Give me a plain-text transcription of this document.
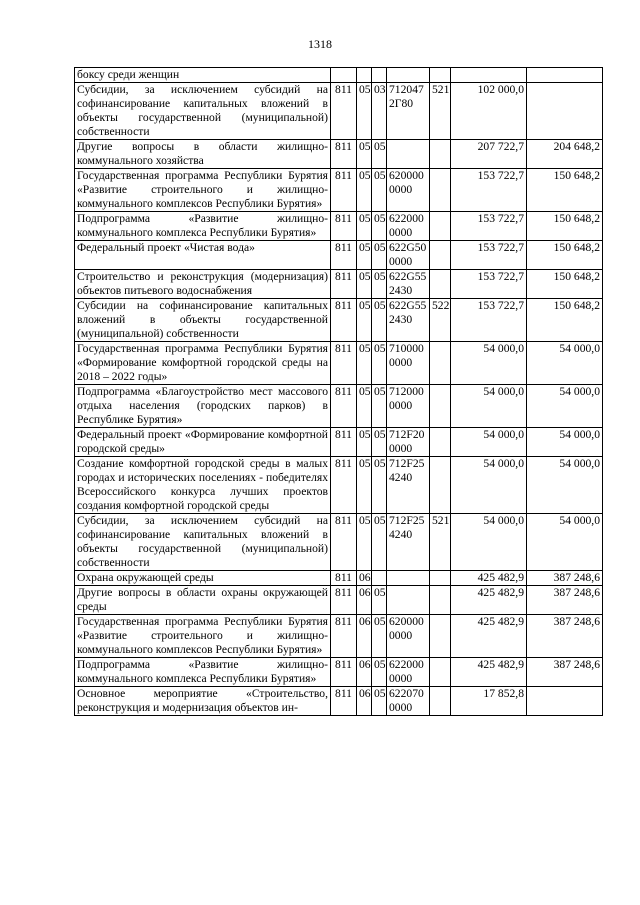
1318
боксу среди женщин							
Субсидии, за исключением субсидий на софинансирование капитальных вложений в объекты государственной (муниципальной) собственности	811	05	03	712047 2Г80	521	102 000,0	
Другие вопросы в области жилищно-коммунального хозяйства	811	05	05			207 722,7	204 648,2
Государственная программа Республики Бурятия «Развитие строительного и жилищно-коммунального комплексов Республики Бурятия»	811	05	05	620000 0000		153 722,7	150 648,2
Подпрограмма «Развитие жилищно-коммунального комплекса Республики Бурятия»	811	05	05	622000 0000		153 722,7	150 648,2
Федеральный проект «Чистая вода»	811	05	05	622G50 0000		153 722,7	150 648,2
Строительство и реконструкция (модернизация) объектов питьевого водоснабжения	811	05	05	622G55 2430		153 722,7	150 648,2
Субсидии на софинансирование капитальных вложений в объекты государственной (муниципальной) собственности	811	05	05	622G55 2430	522	153 722,7	150 648,2
Государственная программа Республики Бурятия «Формирование комфортной городской среды на 2018 – 2022 годы»	811	05	05	710000 0000		54 000,0	54 000,0
Подпрограмма «Благоустройство мест массового отдыха населения (городских парков) в Республике Бурятия»	811	05	05	712000 0000		54 000,0	54 000,0
Федеральный проект «Формирование комфортной городской среды»	811	05	05	712F20 0000		54 000,0	54 000,0
Создание комфортной городской среды в малых городах и исторических поселениях - победителях Всероссийского конкурса лучших проектов создания комфортной городской среды	811	05	05	712F25 4240		54 000,0	54 000,0
Субсидии, за исключением субсидий на софинансирование капитальных вложений в объекты государственной (муниципальной) собственности	811	05	05	712F25 4240	521	54 000,0	54 000,0
Охрана окружающей среды	811	06				425 482,9	387 248,6
Другие вопросы в области охраны окружающей среды	811	06	05			425 482,9	387 248,6
Государственная программа Республики Бурятия «Развитие строительного и жилищно-коммунального комплексов Республики Бурятия»	811	06	05	620000 0000		425 482,9	387 248,6
Подпрограмма «Развитие жилищно-коммунального комплекса Республики Бурятия»	811	06	05	622000 0000		425 482,9	387 248,6
Основное мероприятие «Строительство, реконструкция и модернизация объектов ин-	811	06	05	622070 0000		17 852,8	
